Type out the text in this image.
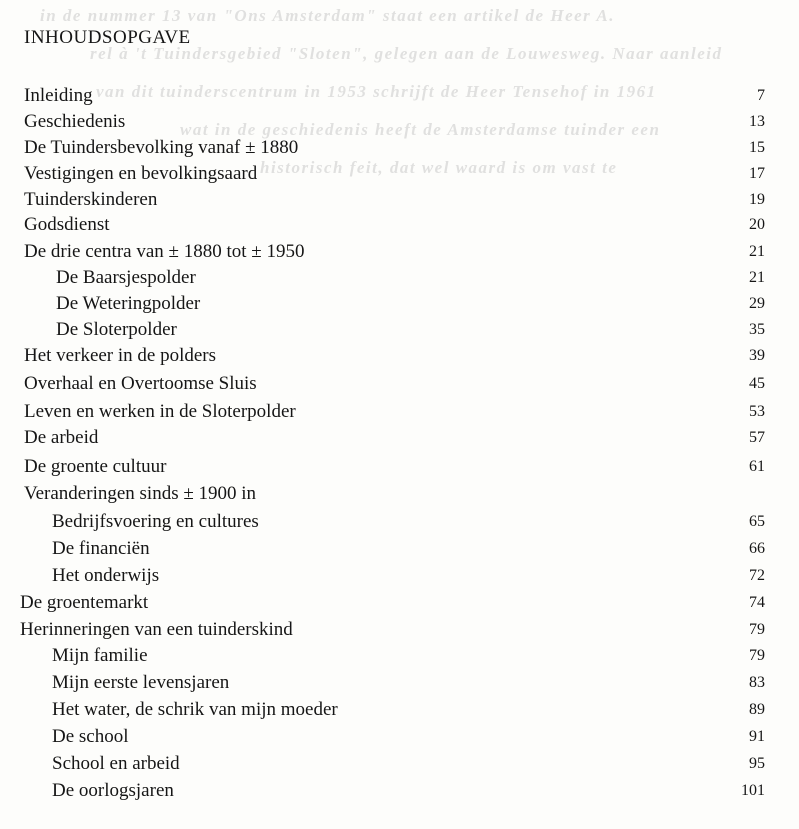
in de nummer 13 van "Ons Amsterdam" staat een artikel de Heer A.
rel à 't Tuindersgebied "Sloten", gelegen aan de Louwesweg. Naar aanleid
van dit tuinderscentrum in 1953 schrijft de Heer Tensehof in 1961
wat in de geschiedenis heeft de Amsterdamse tuinder een
historisch feit, dat wel waard is om vast te
INHOUDSOPGAVE
Inleiding	7
Geschiedenis	13
De Tuindersbevolking vanaf ± 1880	15
Vestigingen en bevolkingsaard	17
Tuinderskinderen	19
Godsdienst	20
De drie centra van ± 1880 tot ± 1950	21
De Baarsjespolder	21
De Weteringpolder	29
De Sloterpolder	35
Het verkeer in de polders	39
Overhaal en Overtoomse Sluis	45
Leven en werken in de Sloterpolder	53
De arbeid	57
De groente cultuur	61
Veranderingen sinds ± 1900 in
Bedrijfsvoering en cultures	65
De financiën	66
Het onderwijs	72
De groentemarkt	74
Herinneringen van een tuinderskind	79
Mijn familie	79
Mijn eerste levensjaren	83
Het water, de schrik van mijn moeder	89
De school	91
School en arbeid	95
De oorlogsjaren	101
